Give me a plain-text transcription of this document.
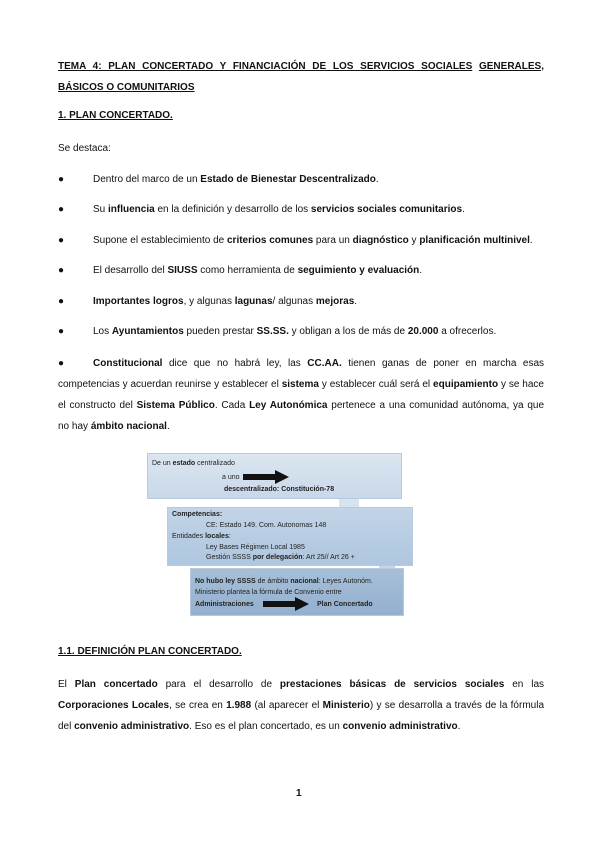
TEMA 4: PLAN CONCERTADO Y FINANCIACIÓN DE LOS SERVICIOS SOCIALES GENERALES, BÁSICOS O COMUNITARIOS
1. PLAN CONCERTADO.
Se destaca:
●	Dentro del marco de un Estado de Bienestar Descentralizado.
●	Su influencia en la definición y desarrollo de los servicios sociales comunitarios.
●	Supone el establecimiento de criterios comunes para un diagnóstico y planificación multinivel.
●	El desarrollo del SIUSS como herramienta de seguimiento y evaluación.
●	Importantes logros, y algunas lagunas/ algunas mejoras.
●	Los Ayuntamientos pueden prestar SS.SS. y obligan a los de más de 20.000 a ofrecerlos.
●	Constitucional dice que no habrá ley, las CC.AA. tienen ganas de poner en marcha esas competencias y acuerdan reunirse y establecer el sistema y establecer cuál será el equipamiento y se hace el constructo del Sistema Público. Cada Ley Autonómica pertenece a una comunidad autónoma, ya que no hay ámbito nacional.
De un estado centralizado
a uno
descentralizado: Constitución-78
Competencias:
CE: Estado 149. Com. Autonomas 148
Entidades locales:
Ley Bases Régimen Local 1985
Gestión SSSS por delegación: Art 25// Art 26 +
No hubo ley SSSS de ámbito nacional: Leyes Autonóm.
Ministerio plantea la fórmula de Convenio entre
Administraciones	Plan Concertado
1.1. DEFINICIÓN PLAN CONCERTADO.
El Plan concertado para el desarrollo de prestaciones básicas de servicios sociales en las Corporaciones Locales, se crea en 1.988 (al aparecer el Ministerio) y se desarrolla a través de la fórmula del convenio administrativo. Eso es el plan concertado, es un convenio administrativo.
1
